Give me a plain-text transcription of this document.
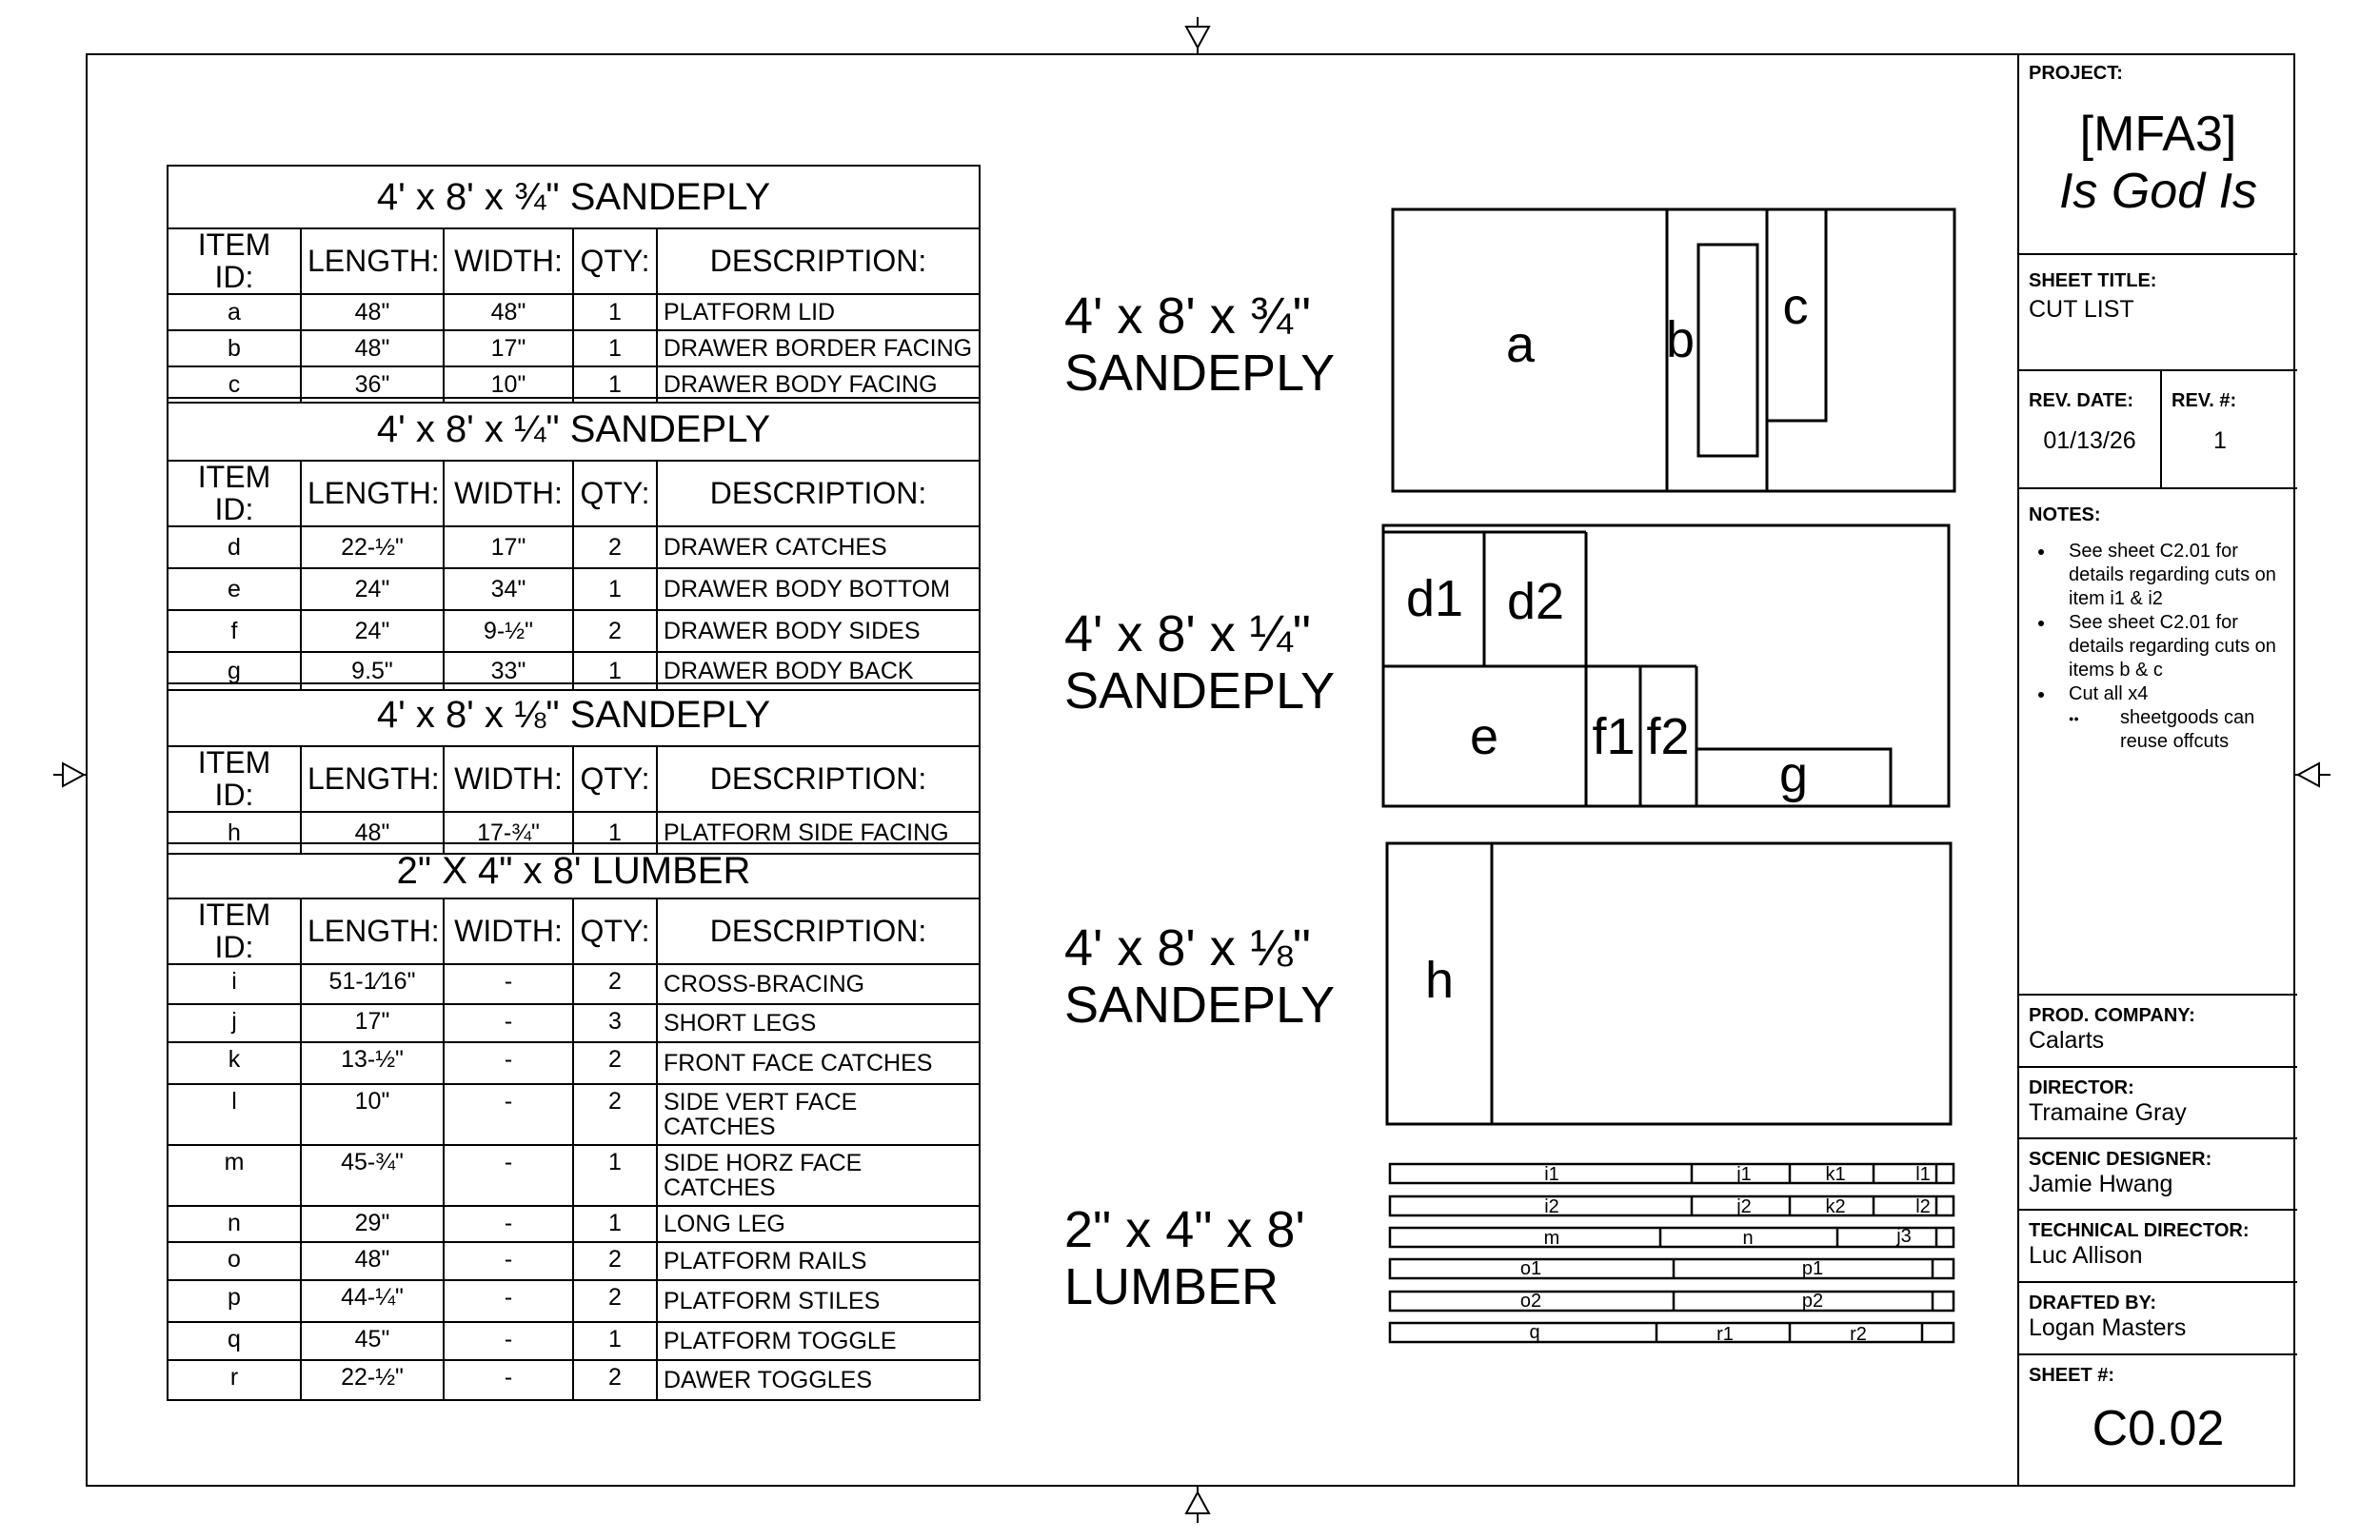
4' x 8' x ¾" SANDEPLY				
ITEM ID:	LENGTH:	WIDTH:	QTY:	DESCRIPTION:
a	48"	48"	1	PLATFORM LID
b	48"	17"	1	DRAWER BORDER FACING
c	36"	10"	1	DRAWER BODY FACING
4' x 8' x ¼" SANDEPLY				
ITEM ID:	LENGTH:	WIDTH:	QTY:	DESCRIPTION:
d	22-½"	17"	2	DRAWER CATCHES
e	24"	34"	1	DRAWER BODY BOTTOM
f	24"	9-½"	2	DRAWER BODY SIDES
g	9.5"	33"	1	DRAWER BODY BACK
4' x 8' x ⅛" SANDEPLY				
ITEM ID:	LENGTH:	WIDTH:	QTY:	DESCRIPTION:
h	48"	17-¾"	1	PLATFORM SIDE FACING
2" X 4" x 8' LUMBER				
ITEM ID:	LENGTH:	WIDTH:	QTY:	DESCRIPTION:
i	51-1⁄16"	-	2	CROSS-BRACING
j	17"	-	3	SHORT LEGS
k	13-½"	-	2	FRONT FACE CATCHES
l	10"	-	2	SIDE VERT FACE CATCHES
m	45-¾"	-	1	SIDE HORZ FACE CATCHES
n	29"	-	1	LONG LEG
o	48"	-	2	PLATFORM RAILS
p	44-¼"	-	2	PLATFORM STILES
q	45"	-	1	PLATFORM TOGGLE
r	22-½"	-	2	DAWER TOGGLES
4' x 8' x ¾"
SANDEPLY
4' x 8' x ¼"
SANDEPLY
4' x 8' x ⅛"
SANDEPLY
2" x 4" x 8'
LUMBER
a	b
c
d1 d2
e f1 f2
g
h
i1	j1	k1	l1
i2	j2	k2	l2
m	n	j3
o1	p1
o2	p2
q	r1	r2
PROJECT:
[MFA3]
Is God Is
SHEET TITLE:
CUT LIST
REV. DATE:
01/13/26
REV. #:
1
NOTES:
• See sheet C2.01 for details regarding cuts on item i1 & i2
• See sheet C2.01 for details regarding cuts on items b & c
• Cut all x4
●● sheetgoods can reuse offcuts
PROD. COMPANY:
Calarts
DIRECTOR:
Tramaine Gray
SCENIC DESIGNER:
Jamie Hwang
TECHNICAL DIRECTOR:
Luc Allison
DRAFTED BY:
Logan Masters
SHEET #:
C0.02
